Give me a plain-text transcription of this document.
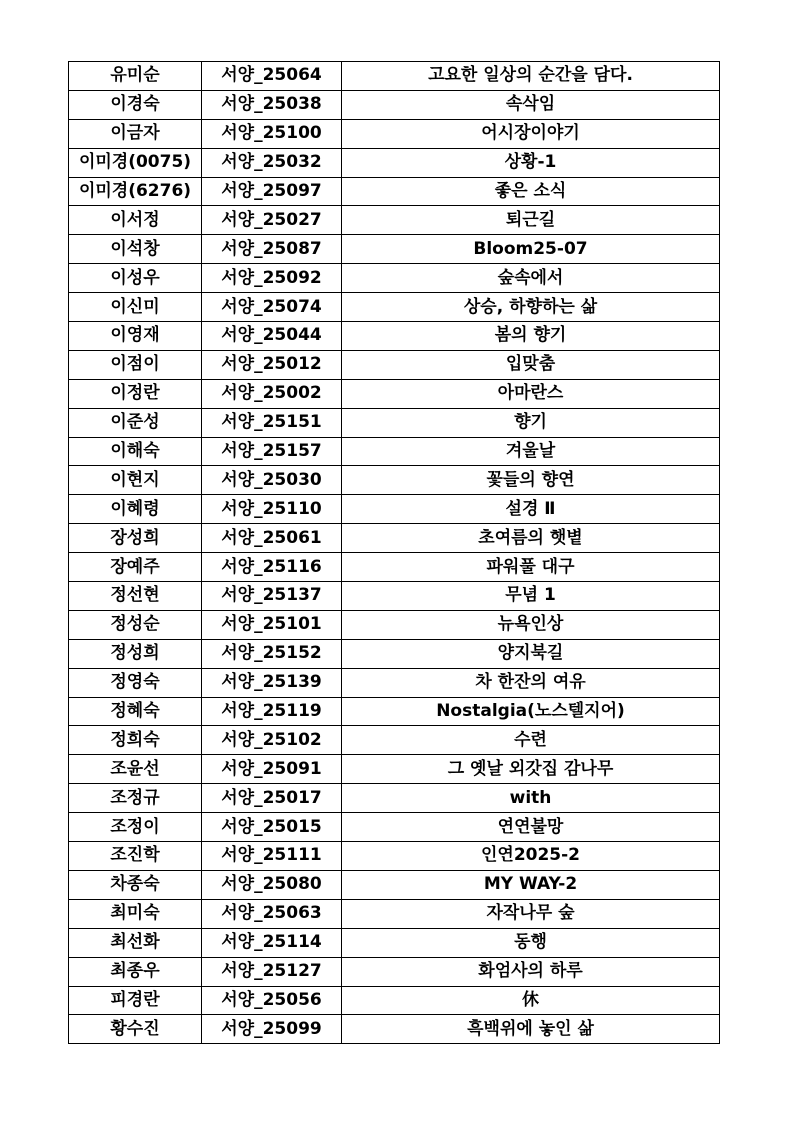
유미순	서양_25064	고요한 일상의 순간을 담다.
이경숙	서양_25038	속삭임
이금자	서양_25100	어시장이야기
이미경(0075)	서양_25032	상황-1
이미경(6276)	서양_25097	좋은 소식
이서정	서양_25027	퇴근길
이석창	서양_25087	Bloom25-07
이성우	서양_25092	숲속에서
이신미	서양_25074	상승, 하향하는 삶
이영재	서양_25044	봄의 향기
이점이	서양_25012	입맞춤
이정란	서양_25002	아마란스
이준성	서양_25151	향기
이해숙	서양_25157	겨울날
이현지	서양_25030	꽃들의 향연
이혜령	서양_25110	설경 Ⅱ
장성희	서양_25061	초여름의 햇볕
장예주	서양_25116	파워풀 대구
정선현	서양_25137	무념 1
정성순	서양_25101	뉴욕인상
정성희	서양_25152	양지북길
정영숙	서양_25139	차 한잔의 여유
정혜숙	서양_25119	Nostalgia(노스텔지어)
정희숙	서양_25102	수련
조윤선	서양_25091	그 옛날 외갓집 감나무
조정규	서양_25017	with
조정이	서양_25015	연연불망
조진학	서양_25111	인연2025-2
차종숙	서양_25080	MY WAY-2
최미숙	서양_25063	자작나무 숲
최선화	서양_25114	동행
최종우	서양_25127	화엄사의 하루
피경란	서양_25056	休
황수진	서양_25099	흑백위에 놓인 삶
